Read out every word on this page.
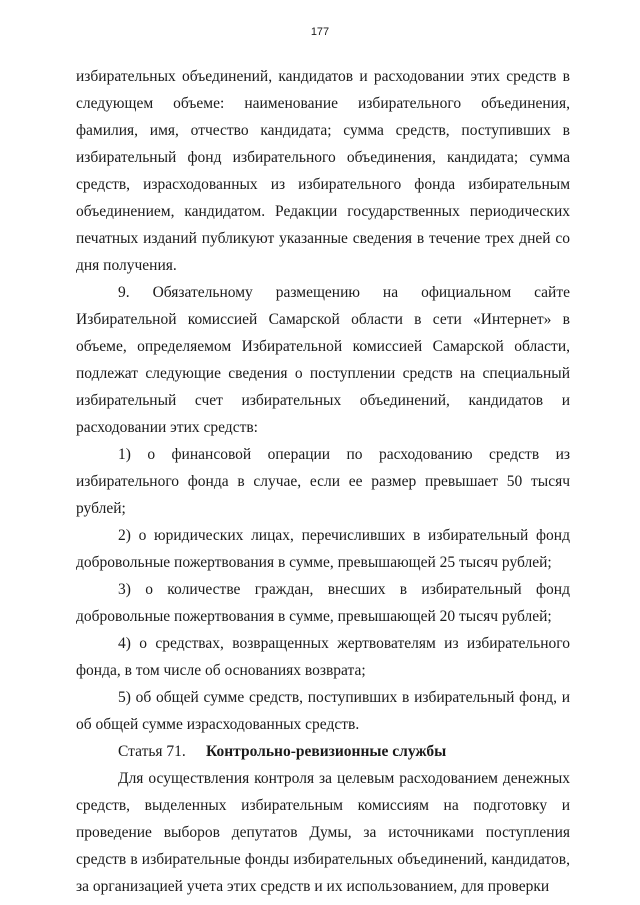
177

избирательных объединений, кандидатов и расходовании этих средств в следующем объеме: наименование избирательного объединения, фамилия, имя, отчество кандидата; сумма средств, поступивших в избирательный фонд избирательного объединения, кандидата; сумма средств, израсходованных из избирательного фонда избирательным объединением, кандидатом. Редакции государственных периодических печатных изданий публикуют указанные сведения в течение трех дней со дня получения.

9. Обязательному размещению на официальном сайте Избирательной комиссией Самарской области в сети «Интернет» в объеме, определяемом Избирательной комиссией Самарской области, подлежат следующие сведения о поступлении средств на специальный избирательный счет избирательных объединений, кандидатов и расходовании этих средств:

1) о финансовой операции по расходованию средств из избирательного фонда в случае, если ее размер превышает 50 тысяч рублей;

2) о юридических лицах, перечисливших в избирательный фонд добровольные пожертвования в сумме, превышающей 25 тысяч рублей;

3) о количестве граждан, внесших в избирательный фонд добровольные пожертвования в сумме, превышающей 20 тысяч рублей;

4) о средствах, возвращенных жертвователям из избирательного фонда, в том числе об основаниях возврата;

5) об общей сумме средств, поступивших в избирательный фонд, и об общей сумме израсходованных средств.

Статья 71.	Контрольно-ревизионные службы

Для осуществления контроля за целевым расходованием денежных средств, выделенных избирательным комиссиям на подготовку и проведение выборов депутатов Думы, за источниками поступления средств в избирательные фонды избирательных объединений, кандидатов, за организацией учета этих средств и их использованием, для проверки
